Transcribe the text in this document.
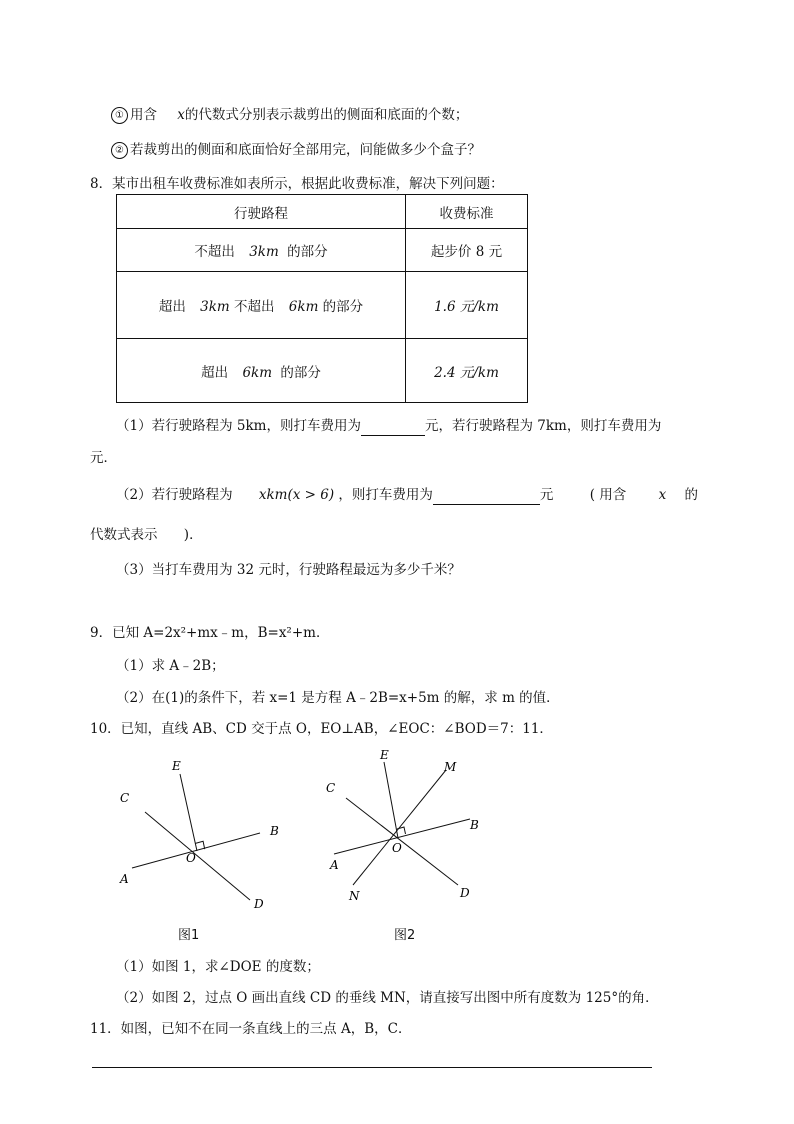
① 用含 x的代数式分别表示裁剪出的侧面和底面的个数；
② 若裁剪出的侧面和底面恰好全部用完，问能做多少个盒子？
8．某市出租车收费标准如表所示，根据此收费标准，解决下列问题：
行驶路程	收费标准
不超出 3km 的部分	起步价 8 元
超出 3km 不超出 6km 的部分	1.6 元/km
超出 6km 的部分	2.4 元/km
（1）若行驶路程为 5km，则打车费用为	元，若行驶路程为 7km，则打车费用为
元．
（2）若行驶路程为 xkm(x > 6) ，则打车费用为	元	( 用含 x 的
代数式表示 )．
（3）当打车费用为 32 元时，行驶路程最远为多少千米？
9．已知 A=2x²+mx﹣m，B=x²+m．
（1）求 A﹣2B；
（2）在(1)的条件下，若 x=1 是方程 A﹣2B=x+5m 的解，求 m 的值．
10．已知，直线 AB、CD 交于点 O，EO⊥AB，∠EOC：∠BOD＝7：11．
E
C
B
O
A
D
图1
E
M
C
B
O
A
N	D
图2
（1）如图 1，求∠DOE 的度数；
（2）如图 2，过点 O 画出直线 CD 的垂线 MN，请直接写出图中所有度数为 125°的角．
11．如图，已知不在同一条直线上的三点 A，B，C．
